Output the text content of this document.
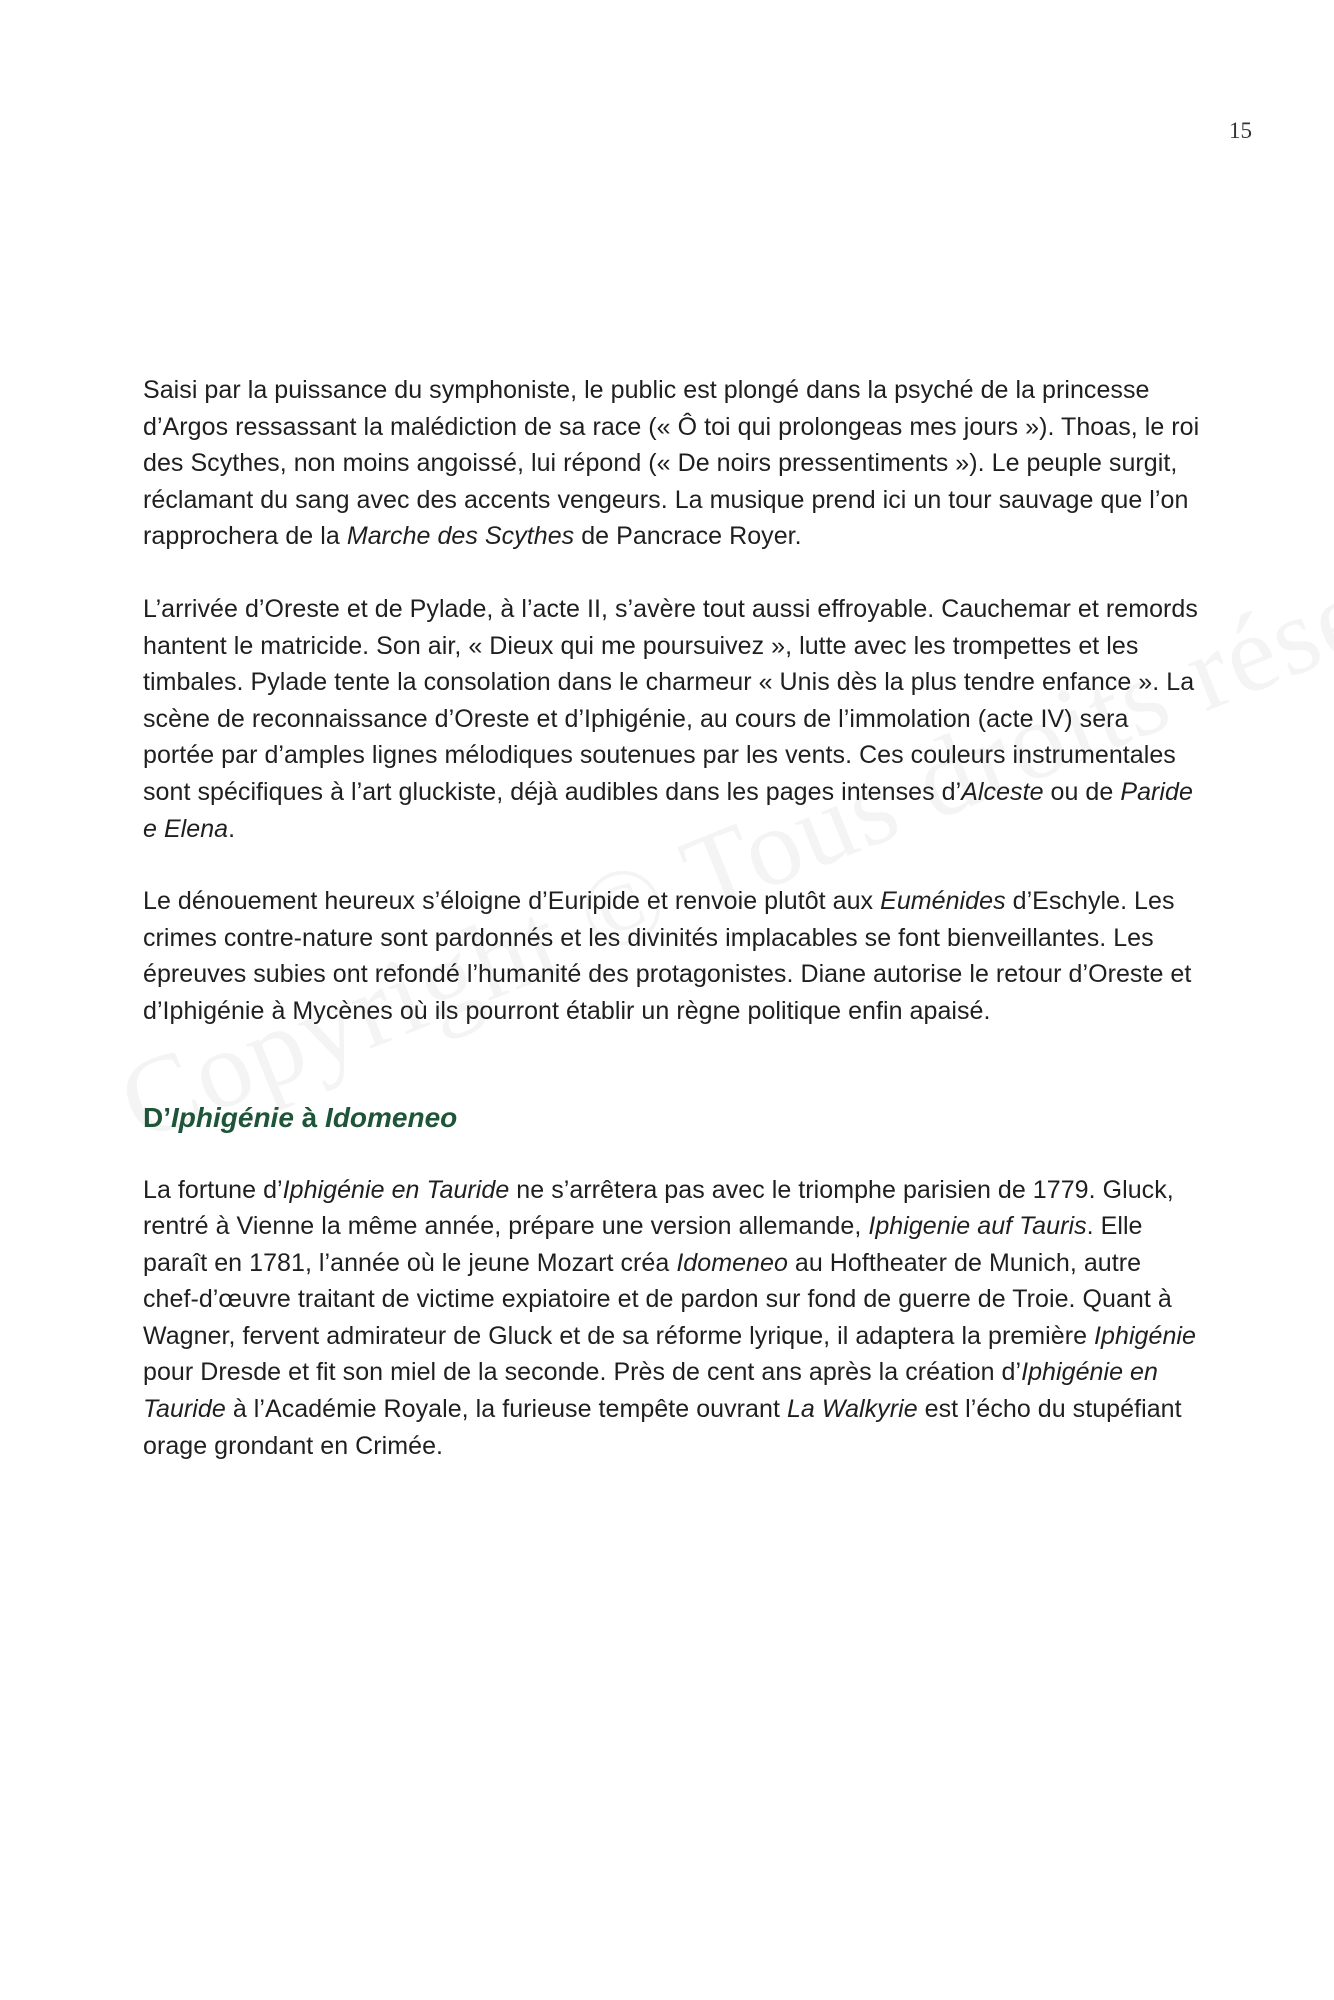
15

Saisi par la puissance du symphoniste, le public est plongé dans la psyché de la princesse d’Argos ressassant la malédiction de sa race (« Ô toi qui prolongeas mes jours »). Thoas, le roi des Scythes, non moins angoissé, lui répond (« De noirs pressentiments »). Le peuple surgit, réclamant du sang avec des accents vengeurs. La musique prend ici un tour sauvage que l’on rapprochera de la Marche des Scythes de Pancrace Royer.

L’arrivée d’Oreste et de Pylade, à l’acte II, s’avère tout aussi effroyable. Cauchemar et remords hantent le matricide. Son air, « Dieux qui me poursuivez », lutte avec les trompettes et les timbales. Pylade tente la consolation dans le charmeur « Unis dès la plus tendre enfance ». La scène de reconnaissance d’Oreste et d’Iphigénie, au cours de l’immolation (acte IV) sera portée par d’amples lignes mélodiques soutenues par les vents. Ces couleurs instrumentales sont spécifiques à l’art gluckiste, déjà audibles dans les pages intenses d’Alceste ou de Paride e Elena.

Le dénouement heureux s’éloigne d’Euripide et renvoie plutôt aux Euménides d’Eschyle. Les crimes contre-nature sont pardonnés et les divinités implacables se font bienveillantes. Les épreuves subies ont refondé l’humanité des protagonistes. Diane autorise le retour d’Oreste et d’Iphigénie à Mycènes où ils pourront établir un règne politique enfin apaisé.

D’Iphigénie à Idomeneo

La fortune d’Iphigénie en Tauride ne s’arrêtera pas avec le triomphe parisien de 1779. Gluck, rentré à Vienne la même année, prépare une version allemande, Iphigenie auf Tauris. Elle paraît en 1781, l’année où le jeune Mozart créa Idomeneo au Hoftheater de Munich, autre chef-d’œuvre traitant de victime expiatoire et de pardon sur fond de guerre de Troie. Quant à Wagner, fervent admirateur de Gluck et de sa réforme lyrique, il adaptera la première Iphigénie pour Dresde et fit son miel de la seconde. Près de cent ans après la création d’Iphigénie en Tauride à l’Académie Royale, la furieuse tempête ouvrant La Walkyrie est l’écho du stupéfiant orage grondant en Crimée.
